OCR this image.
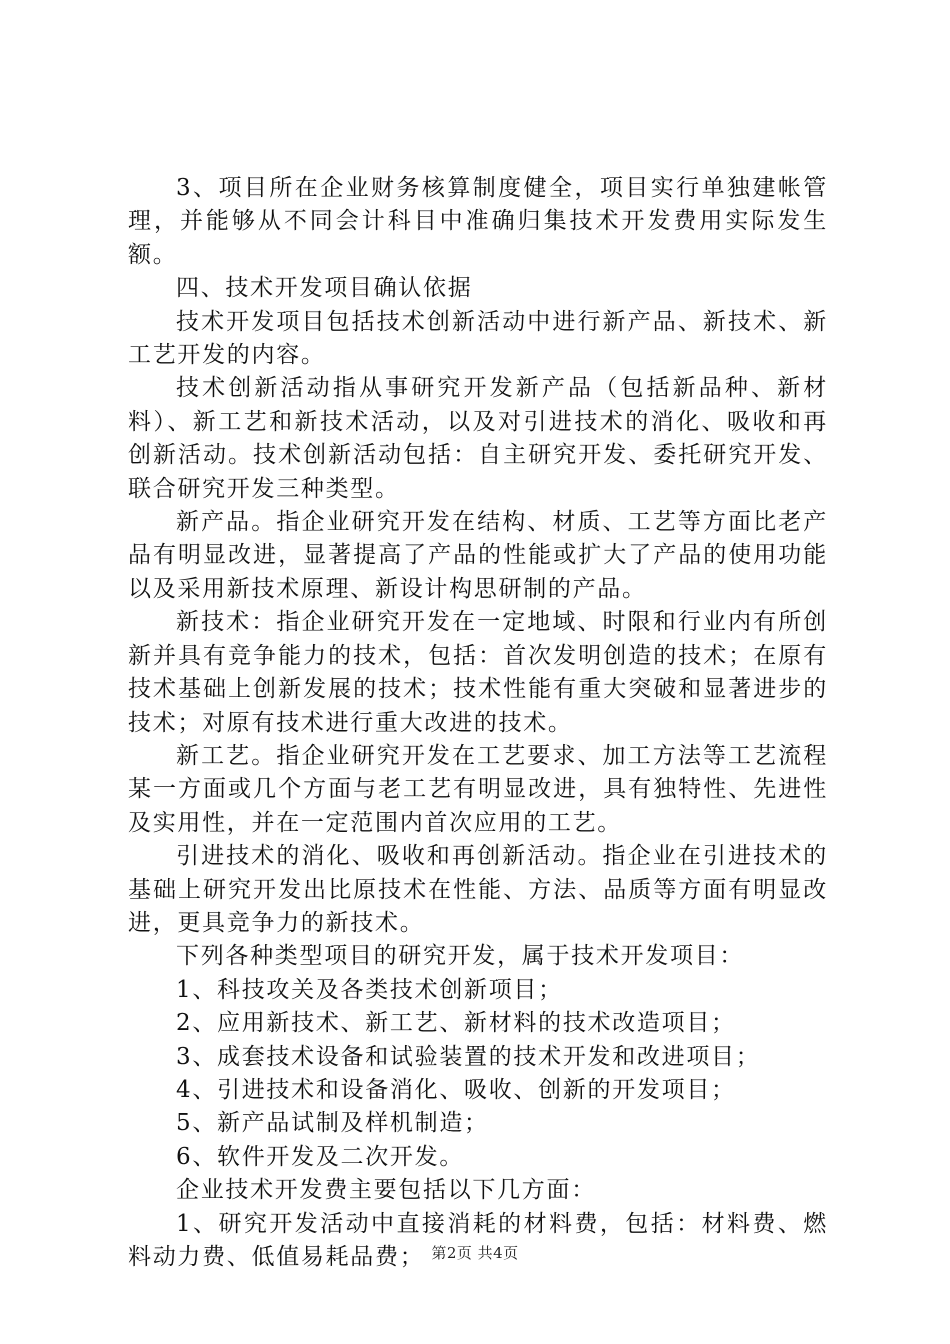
3、项目所在企业财务核算制度健全，项目实行单独建帐管理，并能够从不同会计科目中准确归集技术开发费用实际发生额。

四、技术开发项目确认依据

技术开发项目包括技术创新活动中进行新产品、新技术、新工艺开发的内容。

技术创新活动指从事研究开发新产品（包括新品种、新材料）、新工艺和新技术活动，以及对引进技术的消化、吸收和再创新活动。技术创新活动包括：自主研究开发、委托研究开发、联合研究开发三种类型。

新产品。指企业研究开发在结构、材质、工艺等方面比老产品有明显改进，显著提高了产品的性能或扩大了产品的使用功能以及采用新技术原理、新设计构思研制的产品。

新技术：指企业研究开发在一定地域、时限和行业内有所创新并具有竞争能力的技术，包括：首次发明创造的技术；在原有技术基础上创新发展的技术；技术性能有重大突破和显著进步的技术；对原有技术进行重大改进的技术。

新工艺。指企业研究开发在工艺要求、加工方法等工艺流程某一方面或几个方面与老工艺有明显改进，具有独特性、先进性及实用性，并在一定范围内首次应用的工艺。

引进技术的消化、吸收和再创新活动。指企业在引进技术的基础上研究开发出比原技术在性能、方法、品质等方面有明显改进，更具竞争力的新技术。

下列各种类型项目的研究开发，属于技术开发项目：

1、科技攻关及各类技术创新项目；

2、应用新技术、新工艺、新材料的技术改造项目；

3、成套技术设备和试验装置的技术开发和改进项目；

4、引进技术和设备消化、吸收、创新的开发项目；

5、新产品试制及样机制造；

6、软件开发及二次开发。

企业技术开发费主要包括以下几方面：

1、研究开发活动中直接消耗的材料费，包括：材料费、燃料动力费、低值易耗品费； 第2页 共4页
